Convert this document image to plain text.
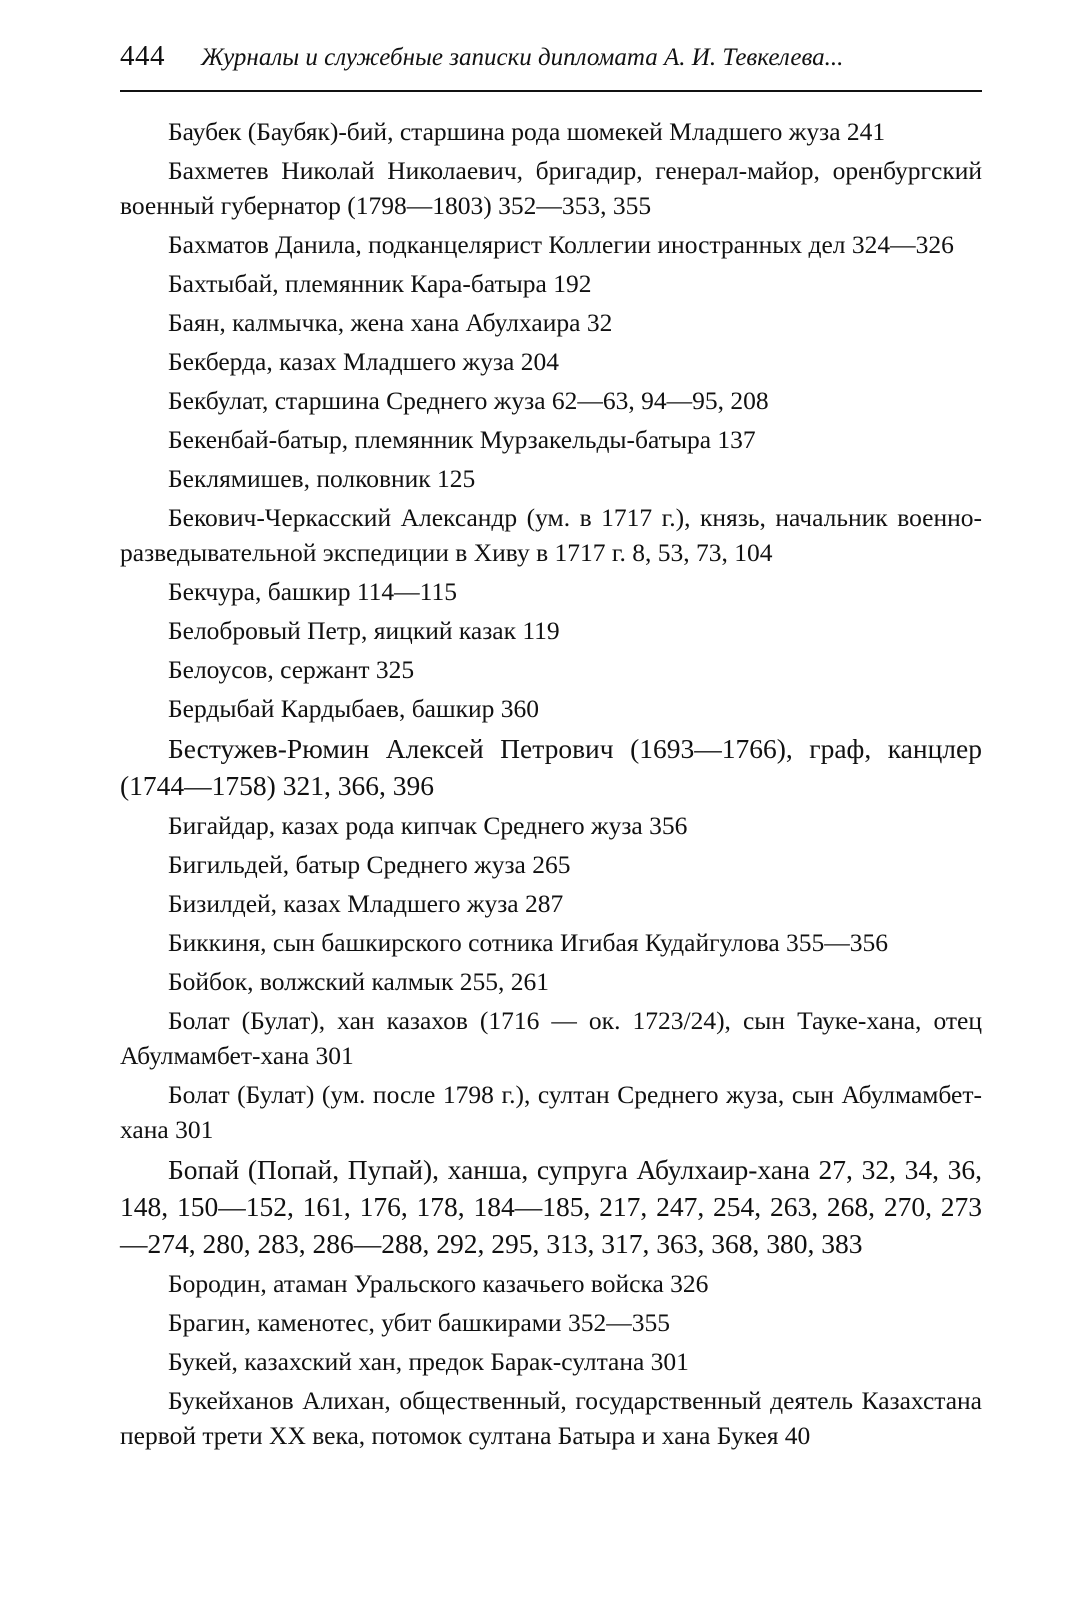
444 Журналы и служебные записки дипломата А. И. Тевкелева...
Баубек (Баубяк)-бий, старшина рода шомекей Младшего жуза 241
Бахметев Николай Николаевич, бригадир, генерал-майор, оренбургский военный губернатор (1798—1803) 352—353, 355
Бахматов Данила, подканцелярист Коллегии иностранных дел 324—326
Бахтыбай, племянник Кара-батыра 192
Баян, калмычка, жена хана Абулхаира 32
Бекберда, казах Младшего жуза 204
Бекбулат, старшина Среднего жуза 62—63, 94—95, 208
Бекенбай-батыр, племянник Мурзакельды-батыра 137
Беклямишев, полковник 125
Бекович-Черкасский Александр (ум. в 1717 г.), князь, начальник военно-разведывательной экспедиции в Хиву в 1717 г. 8, 53, 73, 104
Бекчура, башкир 114—115
Белобровый Петр, яицкий казак 119
Белоусов, сержант 325
Бердыбай Кардыбаев, башкир 360
Бестужев-Рюмин Алексей Петрович (1693—1766), граф, канцлер (1744—1758) 321, 366, 396
Бигайдар, казах рода кипчак Среднего жуза 356
Бигильдей, батыр Среднего жуза 265
Бизилдей, казах Младшего жуза 287
Биккиня, сын башкирского сотника Игибая Кудайгулова 355—356
Бойбок, волжский калмык 255, 261
Болат (Булат), хан казахов (1716 — ок. 1723/24), сын Тауке-хана, отец Абулмамбет-хана 301
Болат (Булат) (ум. после 1798 г.), султан Среднего жуза, сын Абулмамбет-хана 301
Бопай (Попай, Пупай), ханша, супруга Абулхаир-хана 27, 32, 34, 36, 148, 150—152, 161, 176, 178, 184—185, 217, 247, 254, 263, 268, 270, 273—274, 280, 283, 286—288, 292, 295, 313, 317, 363, 368, 380, 383
Бородин, атаман Уральского казачьего войска 326
Брагин, каменотес, убит башкирами 352—355
Букей, казахский хан, предок Барак-султана 301
Букейханов Алихан, общественный, государственный деятель Казахстана первой трети XX века, потомок султана Батыра и хана Букея 40
